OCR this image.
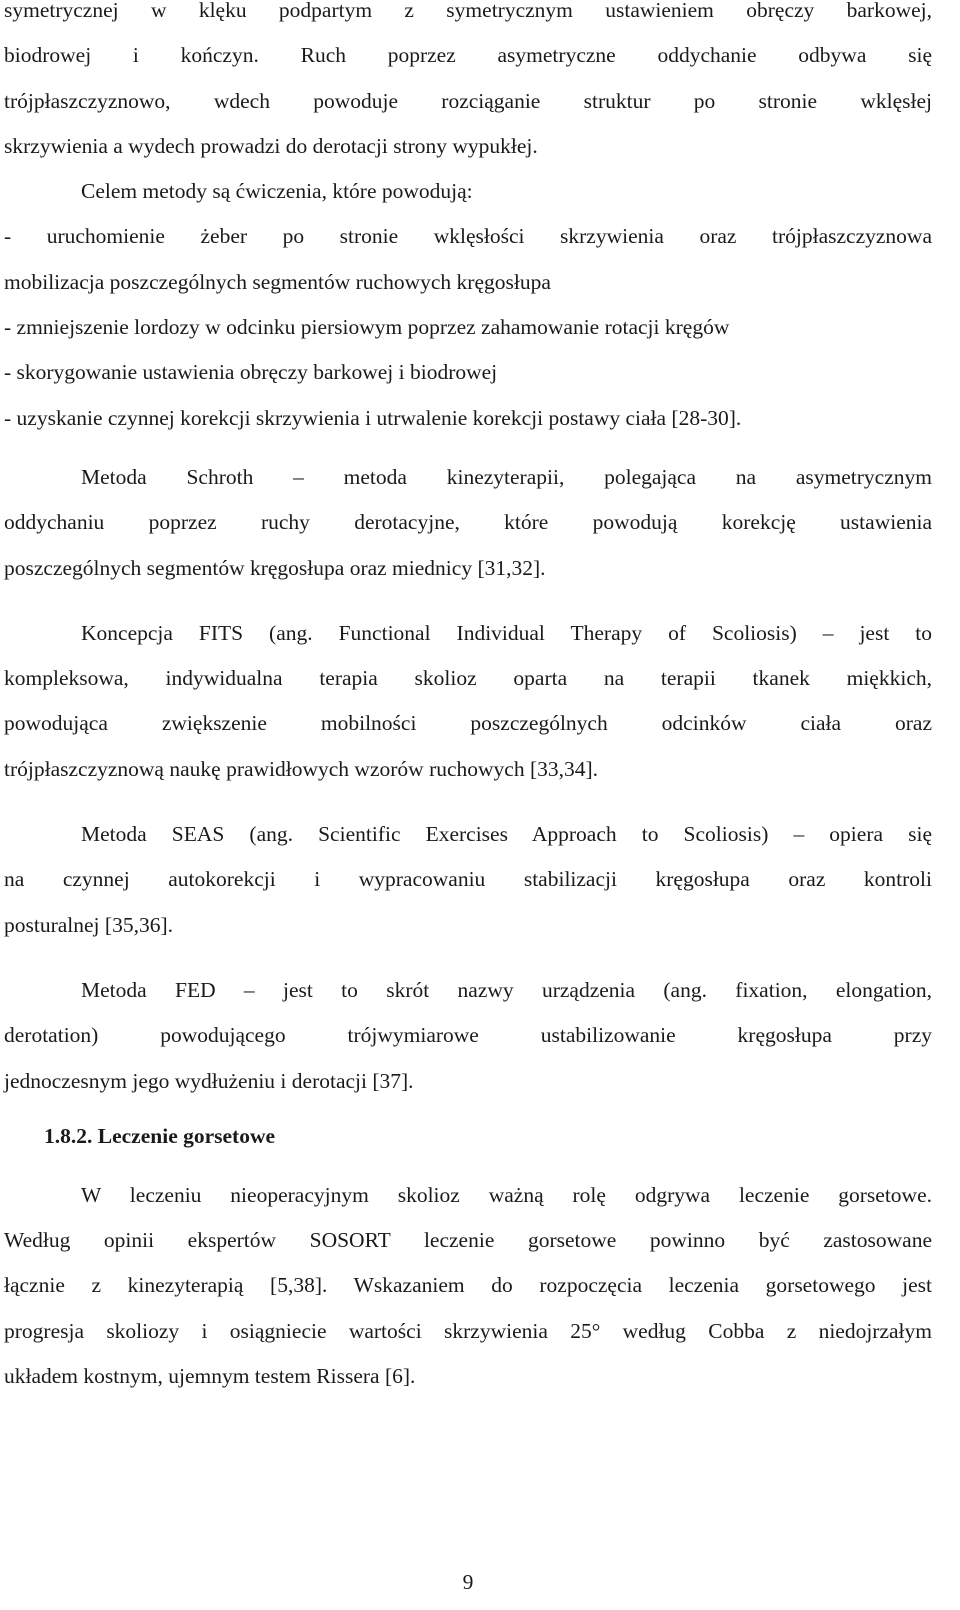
symetrycznej w klęku podpartym z symetrycznym ustawieniem obręczy barkowej,
biodrowej i kończyn. Ruch poprzez asymetryczne oddychanie odbywa się
trójpłaszczyznowo, wdech powoduje rozciąganie struktur po stronie wklęsłej
skrzywienia a wydech prowadzi do derotacji strony wypukłej.
Celem metody są ćwiczenia, które powodują:
- uruchomienie żeber po stronie wklęsłości skrzywienia oraz trójpłaszczyznowa
mobilizacja poszczególnych segmentów ruchowych kręgosłupa
- zmniejszenie lordozy w odcinku piersiowym poprzez zahamowanie rotacji kręgów
- skorygowanie ustawienia obręczy barkowej i biodrowej
- uzyskanie czynnej korekcji skrzywienia i utrwalenie korekcji postawy ciała [28-30].
Metoda Schroth – metoda kinezyterapii, polegająca na asymetrycznym
oddychaniu poprzez ruchy derotacyjne, które powodują korekcję ustawienia
poszczególnych segmentów kręgosłupa oraz miednicy [31,32].
Koncepcja FITS (ang. Functional Individual Therapy of Scoliosis) – jest to
kompleksowa, indywidualna terapia skolioz oparta na terapii tkanek miękkich,
powodująca zwiększenie mobilności poszczególnych odcinków ciała oraz
trójpłaszczyznową naukę prawidłowych wzorów ruchowych [33,34].
Metoda SEAS (ang. Scientific Exercises Approach to Scoliosis) – opiera się
na czynnej autokorekcji i wypracowaniu stabilizacji kręgosłupa oraz kontroli
posturalnej [35,36].
Metoda FED – jest to skrót nazwy urządzenia (ang. fixation, elongation,
derotation) powodującego trójwymiarowe ustabilizowanie kręgosłupa przy
jednoczesnym jego wydłużeniu i derotacji [37].
1.8.2. Leczenie gorsetowe
W leczeniu nieoperacyjnym skolioz ważną rolę odgrywa leczenie gorsetowe.
Według opinii ekspertów SOSORT leczenie gorsetowe powinno być zastosowane
łącznie z kinezyterapią [5,38]. Wskazaniem do rozpoczęcia leczenia gorsetowego jest
progresja skoliozy i osiągniecie wartości skrzywienia 25° według Cobba z niedojrzałym
układem kostnym, ujemnym testem Rissera [6].
9
